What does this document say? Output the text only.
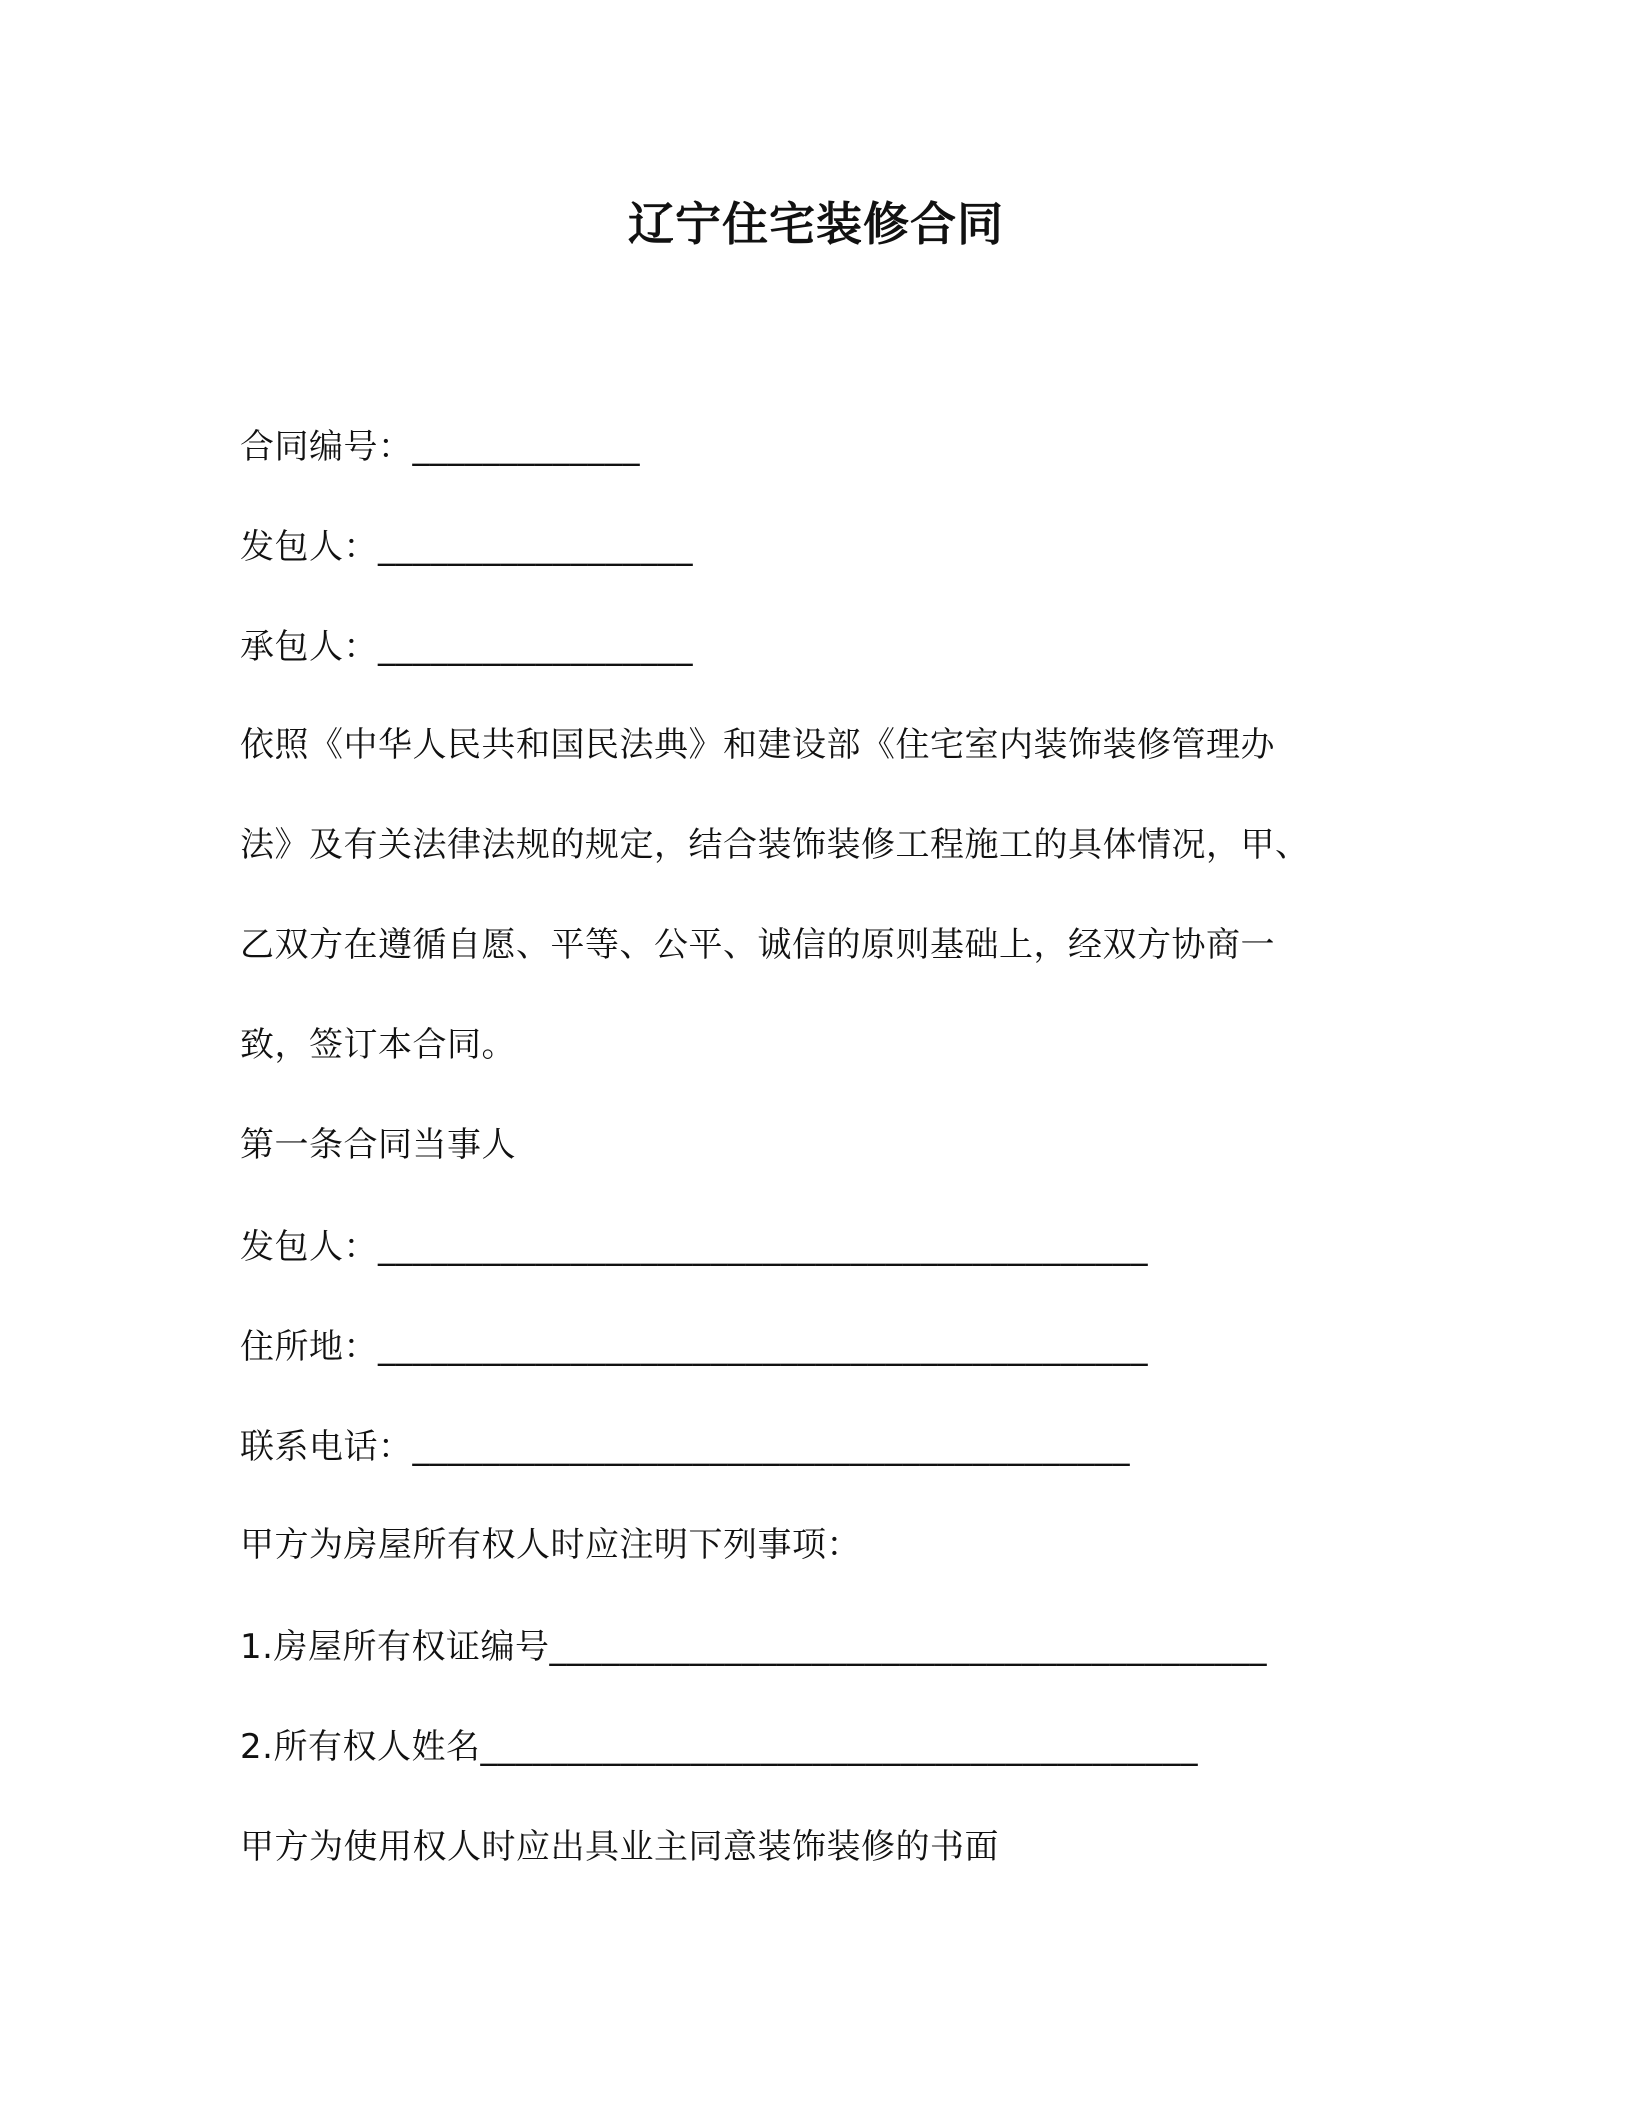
辽宁住宅装修合同
合同编号：_____________
发包人：__________________
承包人：__________________
依照《中华人民共和国民法典》和建设部《住宅室内装饰装修管理办
法》及有关法律法规的规定，结合装饰装修工程施工的具体情况，甲、
乙双方在遵循自愿、平等、公平、诚信的原则基础上，经双方协商一
致，签订本合同。
第一条合同当事人
发包人：____________________________________________
住所地：____________________________________________
联系电话：_________________________________________
甲方为房屋所有权人时应注明下列事项：
1.房屋所有权证编号_________________________________________
2.所有权人姓名_________________________________________
甲方为使用权人时应出具业主同意装饰装修的书面
